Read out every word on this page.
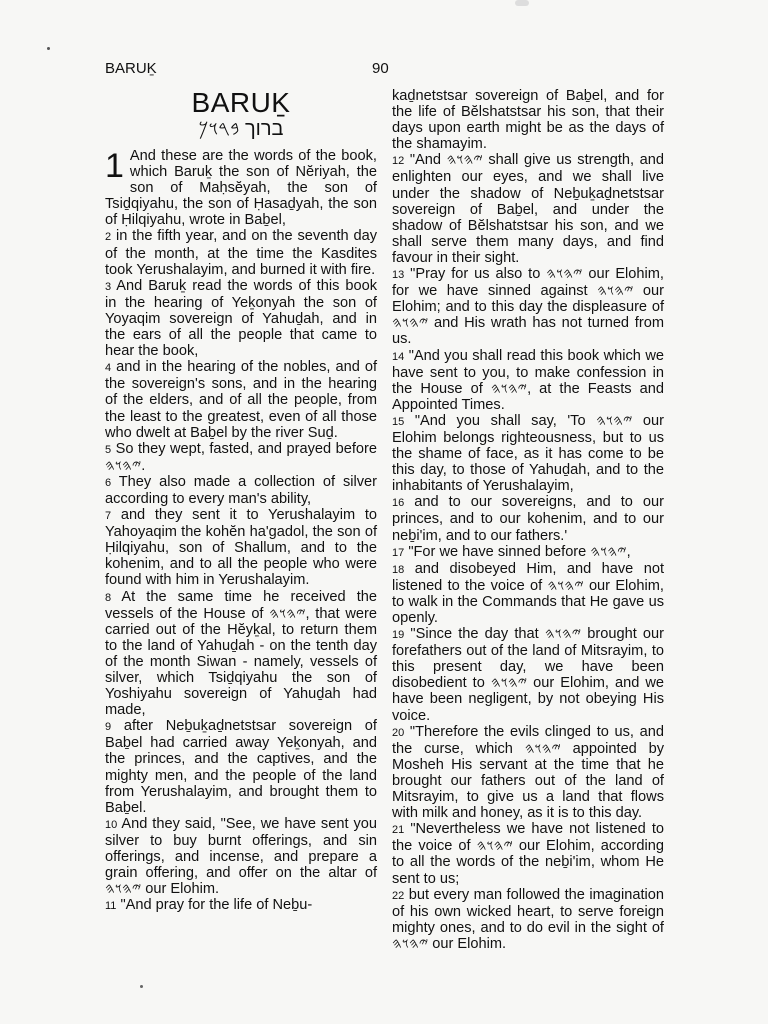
BARUḴ	90
BARUḴ
ברוך 𐤁𐤓𐤅𐤊

1 And these are the words of the book, which Baruḵ the son of Nĕriyah, the son of Maḥsĕyah, the son of Tsiḏqiyahu, the son of Ḥasaḏyah, the son of Ḥilqiyahu, wrote in Baḇel,

2 in the fifth year, and on the seventh day of the month, at the time the Kasdites took Yerushalayim, and burned it with fire.

3 And Baruḵ read the words of this book in the hearing of Yeḵonyah the son of Yoyaqim sovereign of Yahuḏah, and in the ears of all the people that came to hear the book,

4 and in the hearing of the nobles, and of the sovereign's sons, and in the hearing of the elders, and of all the people, from the least to the greatest, even of all those who dwelt at Baḇel by the river Suḏ.

5 So they wept, fasted, and prayed before 𐤉𐤄𐤅𐤄.

6 They also made a collection of silver according to every man's ability,

7 and they sent it to Yerushalayim to Yahoyaqim the kohĕn ha'gadol, the son of Ḥilqiyahu, son of Shallum, and to the kohenim, and to all the people who were found with him in Yerushalayim.

8 At the same time he received the vessels of the House of 𐤉𐤄𐤅𐤄, that were carried out of the Hĕyḵal, to return them to the land of Yahuḏah - on the tenth day of the month Siwan - namely, vessels of silver, which Tsiḏqiyahu the son of Yoshiyahu sovereign of Yahuḏah had made,

9 after Neḇuḵaḏnetstsar sovereign of Baḇel had carried away Yeḵonyah, and the princes, and the captives, and the mighty men, and the people of the land from Yerushalayim, and brought them to Baḇel.

10 And they said, "See, we have sent you silver to buy burnt offerings, and sin offerings, and incense, and prepare a grain offering, and offer on the altar of 𐤉𐤄𐤅𐤄 our Elohim.

11 "And pray for the life of Neḇu-

kaḏnetstsar sovereign of Baḇel, and for the life of Bĕlshatstsar his son, that their days upon earth might be as the days of the shamayim.

12 "And 𐤉𐤄𐤅𐤄 shall give us strength, and enlighten our eyes, and we shall live under the shadow of Neḇuḵaḏnetstsar sovereign of Baḇel, and under the shadow of Bĕlshatstsar his son, and we shall serve them many days, and find favour in their sight.

13 "Pray for us also to 𐤉𐤄𐤅𐤄 our Elohim, for we have sinned against 𐤉𐤄𐤅𐤄 our Elohim; and to this day the displeasure of 𐤉𐤄𐤅𐤄 and His wrath has not turned from us.

14 "And you shall read this book which we have sent to you, to make confession in the House of 𐤉𐤄𐤅𐤄, at the Feasts and Appointed Times.

15 "And you shall say, 'To 𐤉𐤄𐤅𐤄 our Elohim belongs righteousness, but to us the shame of face, as it has come to be this day, to those of Yahuḏah, and to the inhabitants of Yerushalayim,

16 and to our sovereigns, and to our princes, and to our kohenim, and to our neḇi'im, and to our fathers.'

17 "For we have sinned before 𐤉𐤄𐤅𐤄,

18 and disobeyed Him, and have not listened to the voice of 𐤉𐤄𐤅𐤄 our Elohim, to walk in the Commands that He gave us openly.

19 "Since the day that 𐤉𐤄𐤅𐤄 brought our forefathers out of the land of Mitsrayim, to this present day, we have been disobedient to 𐤉𐤄𐤅𐤄 our Elohim, and we have been negligent, by not obeying His voice.

20 "Therefore the evils clinged to us, and the curse, which 𐤉𐤄𐤅𐤄 appointed by Mosheh His servant at the time that he brought our fathers out of the land of Mitsrayim, to give us a land that flows with milk and honey, as it is to this day.

21 "Nevertheless we have not listened to the voice of 𐤉𐤄𐤅𐤄 our Elohim, according to all the words of the neḇi'im, whom He sent to us;

22 but every man followed the imagination of his own wicked heart, to serve foreign mighty ones, and to do evil in the sight of 𐤉𐤄𐤅𐤄 our Elohim.
